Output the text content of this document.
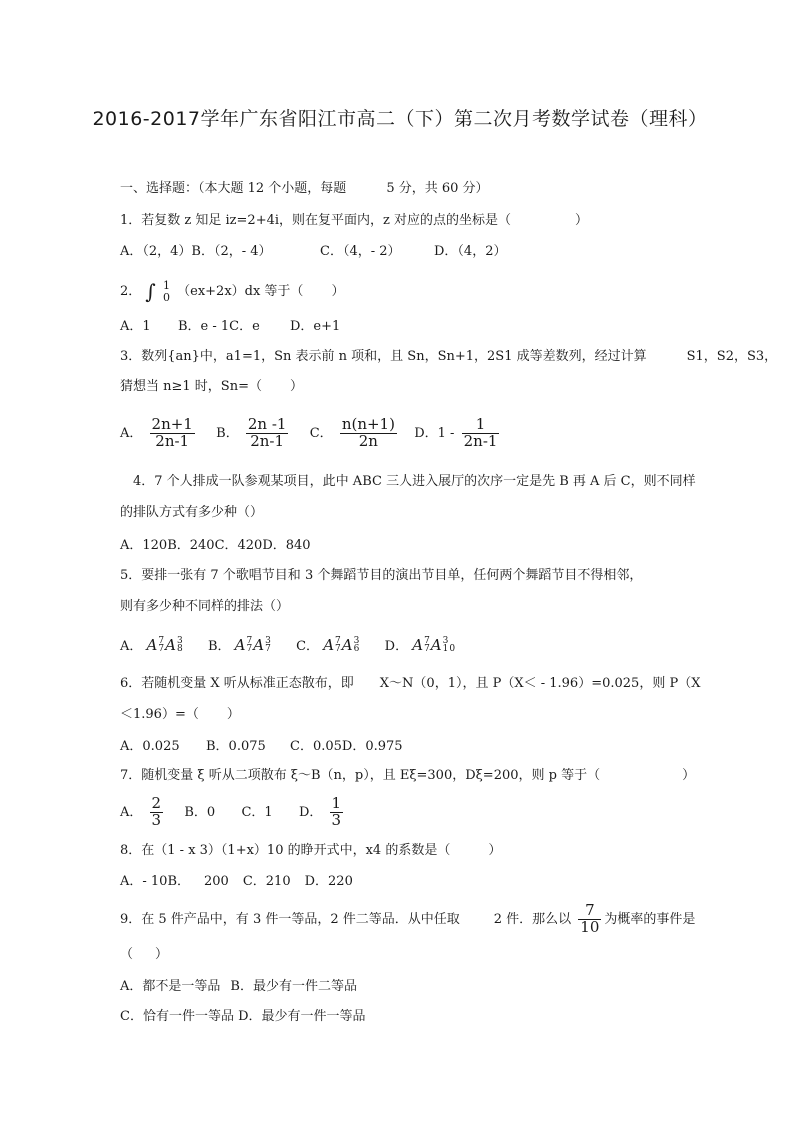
2016-2017学年广东省阳江市高二（下）第二次月考数学试卷（理科）
一、选择题：（本大题 12 个小题，每题	5 分，共 60 分）
1．若复数 z 知足 iz=2+4i，则在复平面内，z 对应的点的坐标是（	）
A．（2，4）B．（2，- 4）	C．（4，- 2）	D．（4，2）
2． ∫ 1
0 （ex+2x）dx 等于（ ）
A．1 B．e - 1C．e D．e+1
3．数列{an}中，a1=1，Sn 表示前 n 项和，且 Sn，Sn+1，2S1 成等差数列，经过计算	S1，S2，S3，
猜想当 n≥1 时，Sn=（ ）
A． $\frac{2n+1}{2n-1}$ B． $\frac{2n -1}{2n-1}$ C． $\frac{n(n+1)}{2n}$ D．$1 - \frac{1}{2n-1}$
4．7 个人排成一队参观某项目，此中 ABC 三人进入展厅的次序一定是先 B 再 A 后 C，则不同样
的排队方式有多少种（）
A．120B．240C．420D．840
5．要排一张有 7 个歌唱节目和 3 个舞蹈节目的演出节目单，任何两个舞蹈节目不得相邻，
则有多少种不同样的排法（）
A． A 7
7 A 3
8 B． A 7
7 A 3
7 C． A 7
7 A 3
6 D． A 7
7 A 3
10
6．若随机变量 X 听从标准正态散布，即 X～N（0，1），且 P（X＜ - 1.96）=0.025，则 P（X
＜1.96）=（ ）
A．0.025 B．0.075 C．0.05D．0.975
7．随机变量 ξ 听从二项散布 ξ～B（n，p），且 Eξ=300，Dξ=200，则 p 等于（	）
A． $\frac{2}{3}$ B．0 C．1 D． $\frac{1}{3}$
8．在（1 - x 3）（1+x）10 的睁开式中，x4 的系数是（	）
A．- 10B． 200 C．210 D．220
9．在 5 件产品中，有 3 件一等品，2 件二等品．从中任取	2 件．那么以 $\frac{7}{10}$ 为概率的事件是
（ ）
A．都不是一等品 B．最少有一件二等品
C．恰有一件一等品 D．最少有一件一等品
